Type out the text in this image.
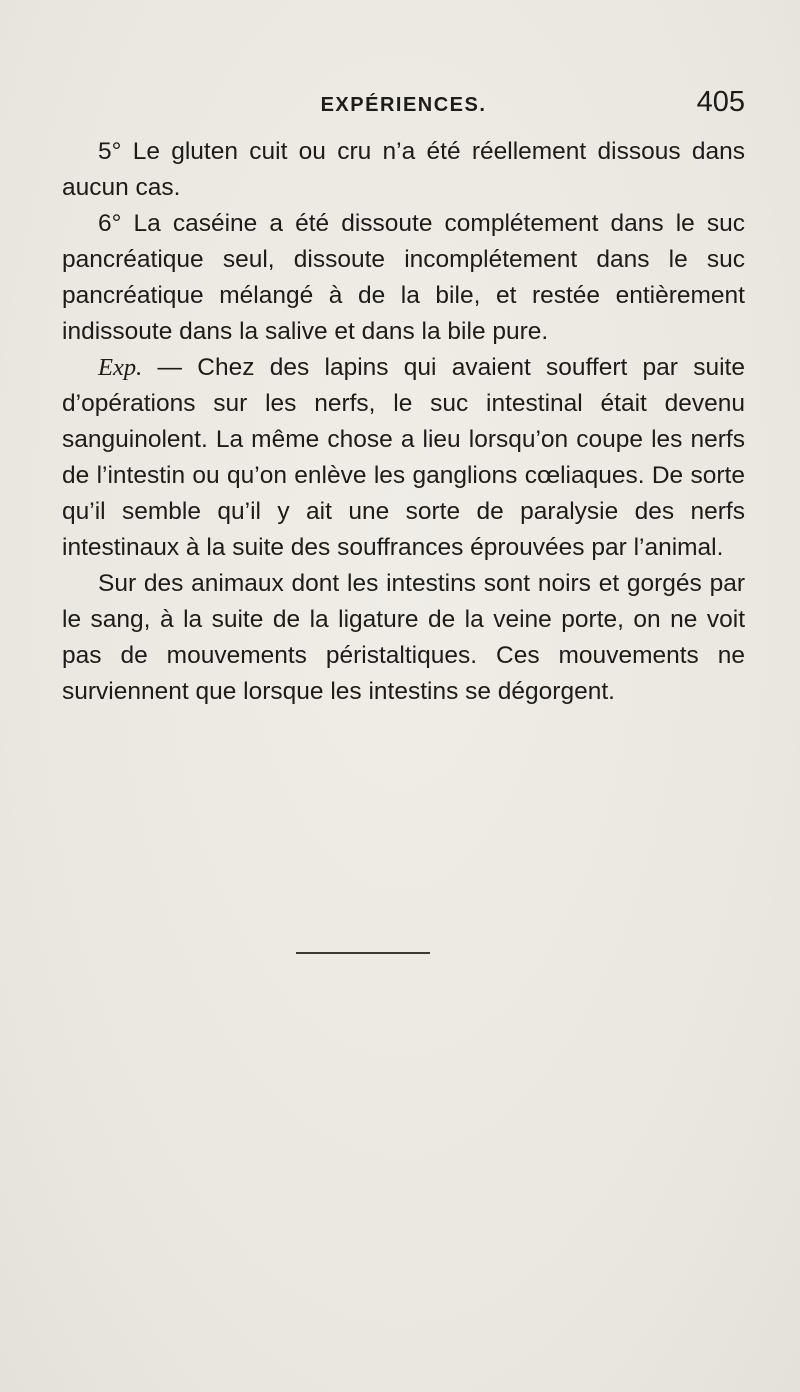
EXPÉRIENCES.	405

5° Le gluten cuit ou cru n’a été réellement dissous dans aucun cas.

6° La caséine a été dissoute complétement dans le suc pancréatique seul, dissoute incomplétement dans le suc pancréatique mélangé à de la bile, et restée entièrement indissoute dans la salive et dans la bile pure.

Exp. — Chez des lapins qui avaient souffert par suite d’opérations sur les nerfs, le suc intestinal était devenu sanguinolent. La même chose a lieu lorsqu’on coupe les nerfs de l’intestin ou qu’on enlève les ganglions cœliaques. De sorte qu’il semble qu’il y ait une sorte de paralysie des nerfs intestinaux à la suite des souffrances éprouvées par l’animal.

Sur des animaux dont les intestins sont noirs et gorgés par le sang, à la suite de la ligature de la veine porte, on ne voit pas de mouvements péristaltiques. Ces mouvements ne surviennent que lorsque les intestins se dégorgent.
